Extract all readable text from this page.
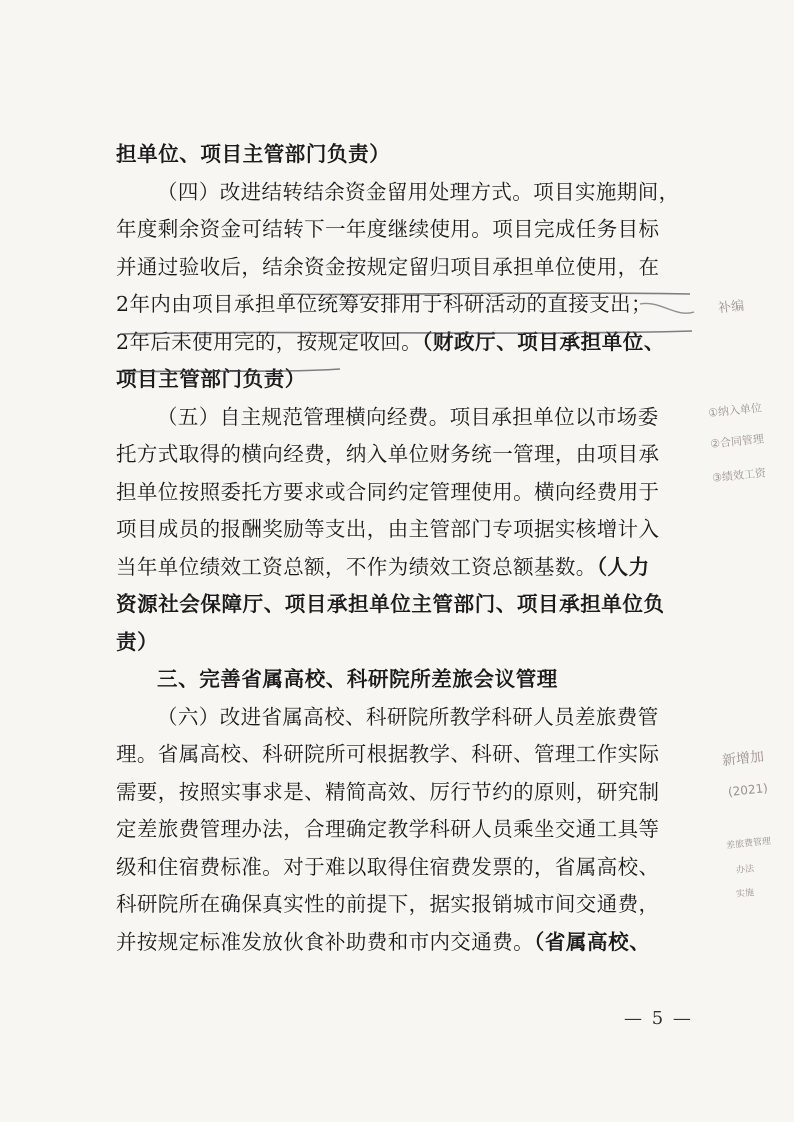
担单位、项目主管部门负责）
（四）改进结转结余资金留用处理方式。项目实施期间，
年度剩余资金可结转下一年度继续使用。项目完成任务目标
并通过验收后，结余资金按规定留归项目承担单位使用，在
2年内由项目承担单位统筹安排用于科研活动的直接支出；
2年后未使用完的，按规定收回。（财政厅、项目承担单位、
项目主管部门负责）
（五）自主规范管理横向经费。项目承担单位以市场委
托方式取得的横向经费，纳入单位财务统一管理，由项目承
担单位按照委托方要求或合同约定管理使用。横向经费用于
项目成员的报酬奖励等支出，由主管部门专项据实核增计入
当年单位绩效工资总额，不作为绩效工资总额基数。（人力
资源社会保障厅、项目承担单位主管部门、项目承担单位负
责）
三、完善省属高校、科研院所差旅会议管理
（六）改进省属高校、科研院所教学科研人员差旅费管
理。省属高校、科研院所可根据教学、科研、管理工作实际
需要，按照实事求是、精简高效、厉行节约的原则，研究制
定差旅费管理办法，合理确定教学科研人员乘坐交通工具等
级和住宿费标准。对于难以取得住宿费发票的，省属高校、
科研院所在确保真实性的前提下，据实报销城市间交通费，
并按规定标准发放伙食补助费和市内交通费。（省属高校、
补编
①纳入单位
②合同管理
③绩效工资
新增加
(2021)
差旅费管理
办法
实施
— 5 —
